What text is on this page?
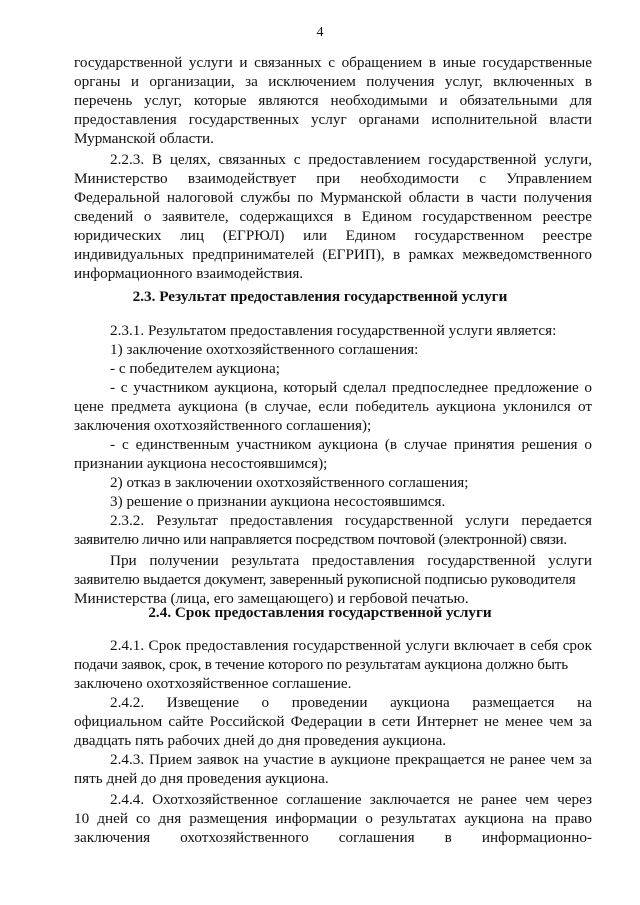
4

государственной услуги и связанных с обращением в иные государственные

органы и организации, за исключением получения услуг, включенных в

перечень услуг, которые являются необходимыми и обязательными для

предоставления государственных услуг органами исполнительной власти

Мурманской области.

2.2.3. В целях, связанных с предоставлением государственной услуги,

Министерство взаимодействует при необходимости с Управлением

Федеральной налоговой службы по Мурманской области в части получения

сведений о заявителе, содержащихся в Едином государственном реестре

юридических лиц (ЕГРЮЛ) или Едином государственном реестре

индивидуальных предпринимателей (ЕГРИП), в рамках межведомственного

информационного взаимодействия.

2.3. Результат предоставления государственной услуги

2.3.1. Результатом предоставления государственной услуги является:

1) заключение охотхозяйственного соглашения:

- с победителем аукциона;

- с участником аукциона, который сделал предпоследнее предложение о

цене предмета аукциона (в случае, если победитель аукциона уклонился от

заключения охотхозяйственного соглашения);

- с единственным участником аукциона (в случае принятия решения о

признании аукциона несостоявшимся);

2) отказ в заключении охотхозяйственного соглашения;

3) решение о признании аукциона несостоявшимся.

2.3.2. Результат предоставления государственной услуги передается

заявителю лично или направляется посредством почтовой (электронной) связи.

При получении результата предоставления государственной услуги

заявителю выдается документ, заверенный рукописной подписью руководителя

Министерства (лица, его замещающего) и гербовой печатью.

2.4. Срок предоставления государственной услуги

2.4.1. Срок предоставления государственной услуги включает в себя срок

подачи заявок, срок, в течение которого по результатам аукциона должно быть

заключено охотхозяйственное соглашение.

2.4.2. Извещение о проведении аукциона размещается на

официальном сайте Российской Федерации в сети Интернет не менее чем за

двадцать пять рабочих дней до дня проведения аукциона.

2.4.3. Прием заявок на участие в аукционе прекращается не ранее чем за

пять дней до дня проведения аукциона.

2.4.4. Охотхозяйственное соглашение заключается не ранее чем через

10 дней со дня размещения информации о результатах аукциона на право

заключения охотхозяйственного соглашения в информационно-
